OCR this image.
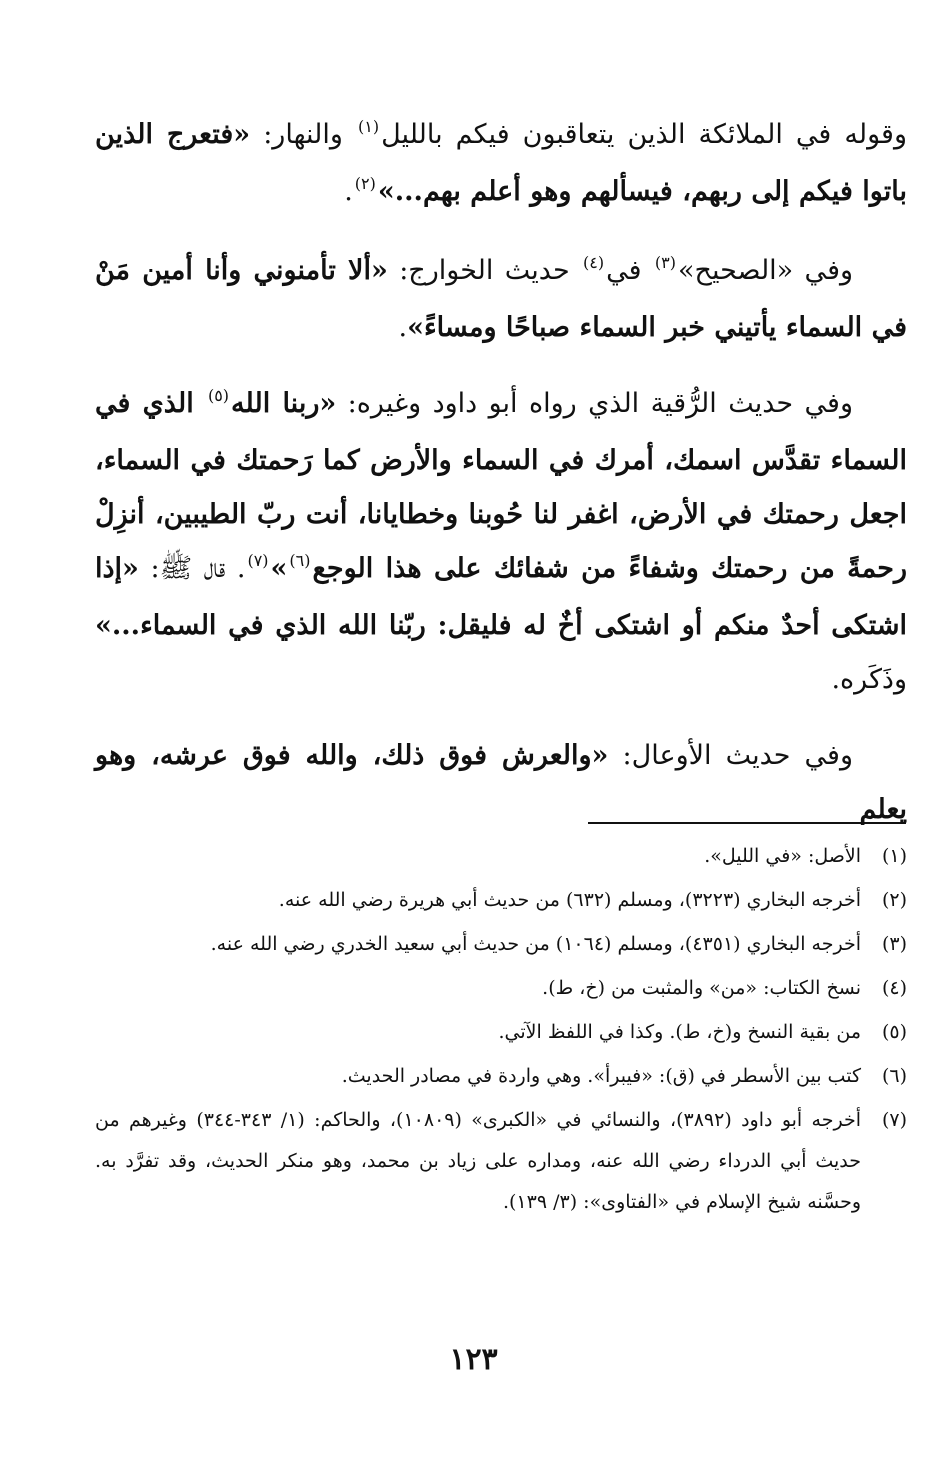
وقوله في الملائكة الذين يتعاقبون فيكم بالليل$^{(١)}$ والنهار: «فتعرج الذين باتوا فيكم إلى ربهم، فيسألهم وهو أعلم بهم...»$^{(٢)}$.

وفي «الصحيح»$^{(٣)}$ في$^{(٤)}$ حديث الخوارج: «ألا تأمنوني وأنا أمين مَنْ في السماء يأتيني خبر السماء صباحًا ومساءً».

وفي حديث الرُّقية الذي رواه أبو داود وغيره: «ربنا الله$^{(٥)}$ الذي في السماء تقدَّس اسمك، أمرك في السماء والأرض كما رَحمتك في السماء، اجعل رحمتك في الأرض، اغفر لنا حُوبنا وخطايانا، أنت ربّ الطيبين، أنزِلْ رحمةً من رحمتك وشفاءً من شفائك على هذا الوجع$^{(٦)}$»$^{(٧)}$. قال ﷺ: «إذا اشتكى أحدٌ منكم أو اشتكى أخٌ له فليقل: ربّنا الله الذي في السماء...» وذَكَره.

وفي حديث الأوعال: «والعرش فوق ذلك، والله فوق عرشه، وهو يعلم

(١)
الأصل: «في الليل».
(٢)
أخرجه البخاري (٣٢٢٣)، ومسلم (٦٣٢) من حديث أبي هريرة رضي الله عنه.
(٣)
أخرجه البخاري (٤٣٥١)، ومسلم (١٠٦٤) من حديث أبي سعيد الخدري رضي الله عنه.
(٤)
نسخ الكتاب: «من» والمثبت من (خ، ط).
(٥)
من بقية النسخ و(خ، ط). وكذا في اللفظ الآتي.
(٦)
كتب بين الأسطر في (ق): «فيبرأ». وهي واردة في مصادر الحديث.
(٧)
أخرجه أبو داود (٣٨٩٢)، والنسائي في «الكبرى» (١٠٨٠٩)، والحاكم: (١/ ٣٤٣-٣٤٤) وغيرهم من حديث أبي الدرداء رضي الله عنه، ومداره على زياد بن محمد، وهو منكر الحديث، وقد تفرَّد به. وحسَّنه شيخ الإسلام في «الفتاوى»: (٣/ ١٣٩).
١٢٣
